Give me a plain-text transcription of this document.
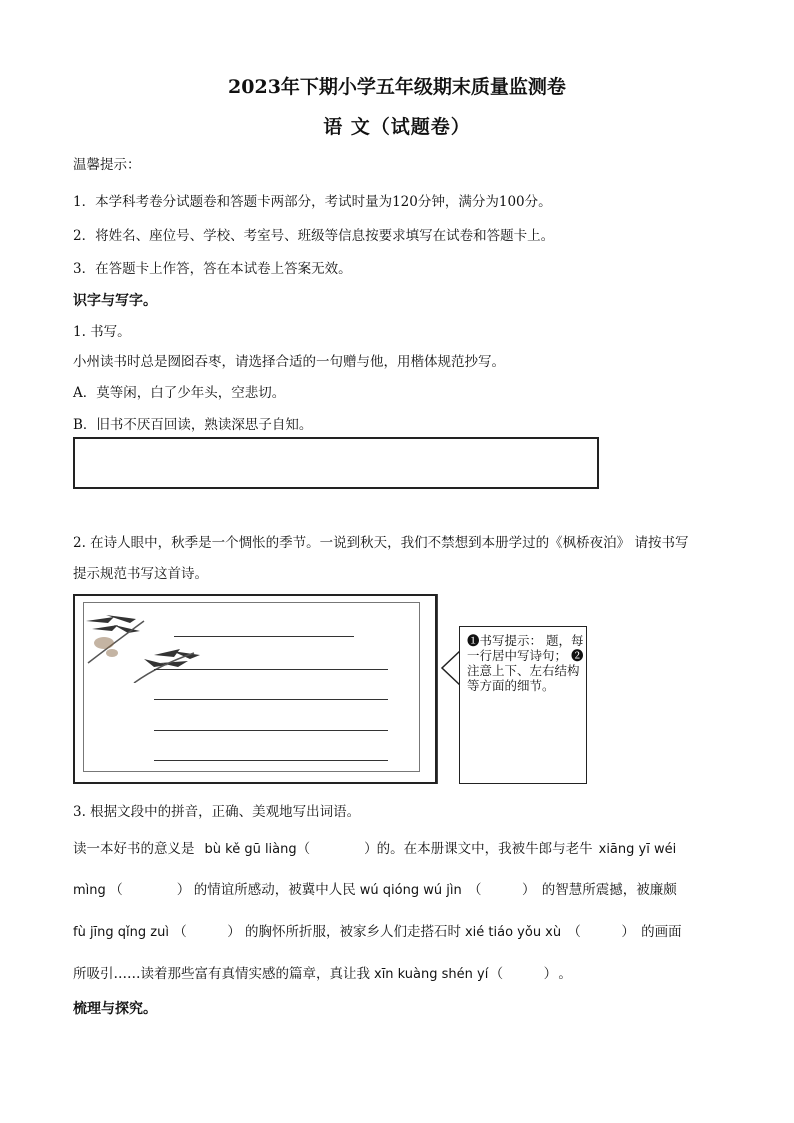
2023年下期小学五年级期末质量监测卷
语 文（试题卷）
温馨提示：
1．本学科考卷分试题卷和答题卡两部分，考试时量为120分钟，满分为100分。
2．将姓名、座位号、学校、考室号、班级等信息按要求填写在试卷和答题卡上。
3．在答题卡上作答，答在本试卷上答案无效。
识字与写字。
1. 书写。
小州读书时总是囫囵吞枣，请选择合适的一句赠与他，用楷体规范抄写。
A．莫等闲，白了少年头，空悲切。
B．旧书不厌百回读，熟读深思子自知。
2. 在诗人眼中，秋季是一个惆怅的季节。一说到秋天，我们不禁想到本册学过的《枫桥夜泊》 请按书写
提示规范书写这首诗。
❶书写提示： 题，每一行居中写诗句； ❷注意上下、左右结构等方面的细节。
3. 根据文段中的拼音，正确、美观地写出词语。
读一本好书的意义是 bù kě gū liàng（　　　　）的。在本册课文中，我被牛郎与老牛 xiāng yī wéi
mìng （　　　　） 的情谊所感动，被冀中人民 wú qióng wú jìn （　　　） 的智慧所震撼，被廉颇
fù jīng qǐng zuì （　　　） 的胸怀所折服，被家乡人们走搭石时 xié tiáo yǒu xù （　　　） 的画面
所吸引……读着那些富有真情实感的篇章，真让我 xīn kuàng shén yí（　　　）。
梳理与探究。
